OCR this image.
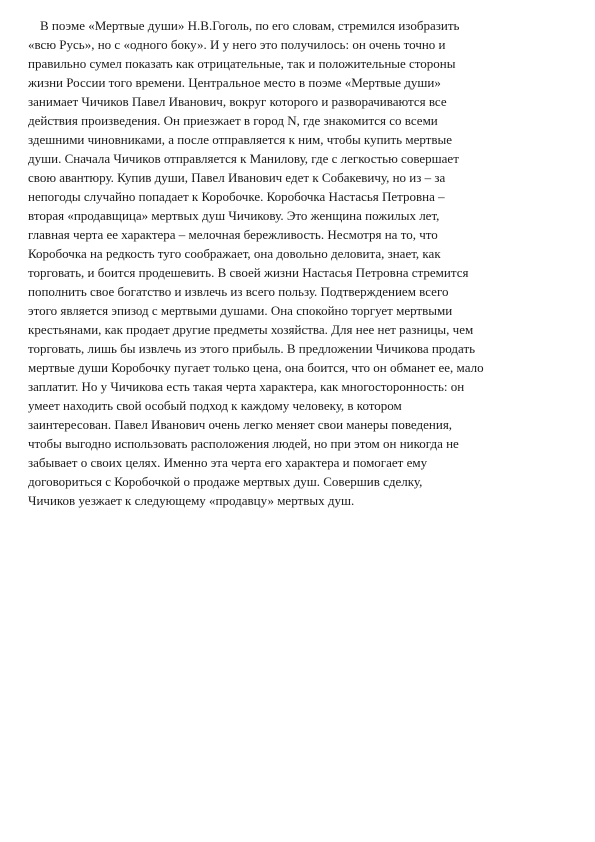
В поэме «Мертвые души» Н.В.Гоголь, по его словам, стремился изобразить
«всю Русь», но с «одного боку». И у него это получилось: он очень точно и
правильно сумел показать как отрицательные, так и положительные стороны
жизни России того времени. Центральное место в поэме «Мертвые души»
занимает Чичиков Павел Иванович, вокруг которого и разворачиваются все
действия произведения. Он приезжает в город N, где знакомится со всеми
здешними чиновниками, а после отправляется к ним, чтобы купить мертвые
души. Сначала Чичиков отправляется к Манилову, где с легкостью совершает
свою авантюру. Купив души, Павел Иванович едет к Собакевичу, но из – за
непогоды случайно попадает к Коробочке. Коробочка Настасья Петровна –
вторая «продавщица» мертвых душ Чичикову. Это женщина пожилых лет,
главная черта ее характера – мелочная бережливость. Несмотря на то, что
Коробочка на редкость туго соображает, она довольно деловита, знает, как
торговать, и боится продешевить. В своей жизни Настасья Петровна стремится
пополнить свое богатство и извлечь из всего пользу. Подтверждением всего
этого является эпизод с мертвыми душами. Она спокойно торгует мертвыми
крестьянами, как продает другие предметы хозяйства. Для нее нет разницы, чем
торговать, лишь бы извлечь из этого прибыль. В предложении Чичикова продать
мертвые души Коробочку пугает только цена, она боится, что он обманет ее, мало
заплатит. Но у Чичикова есть такая черта характера, как многосторонность: он
умеет находить свой особый подход к каждому человеку, в котором
заинтересован. Павел Иванович очень легко меняет свои манеры поведения,
чтобы выгодно использовать расположения людей, но при этом он никогда не
забывает о своих целях. Именно эта черта его характера и помогает ему
договориться с Коробочкой о продаже мертвых душ. Совершив сделку,
Чичиков уезжает к следующему «продавцу» мертвых душ.
